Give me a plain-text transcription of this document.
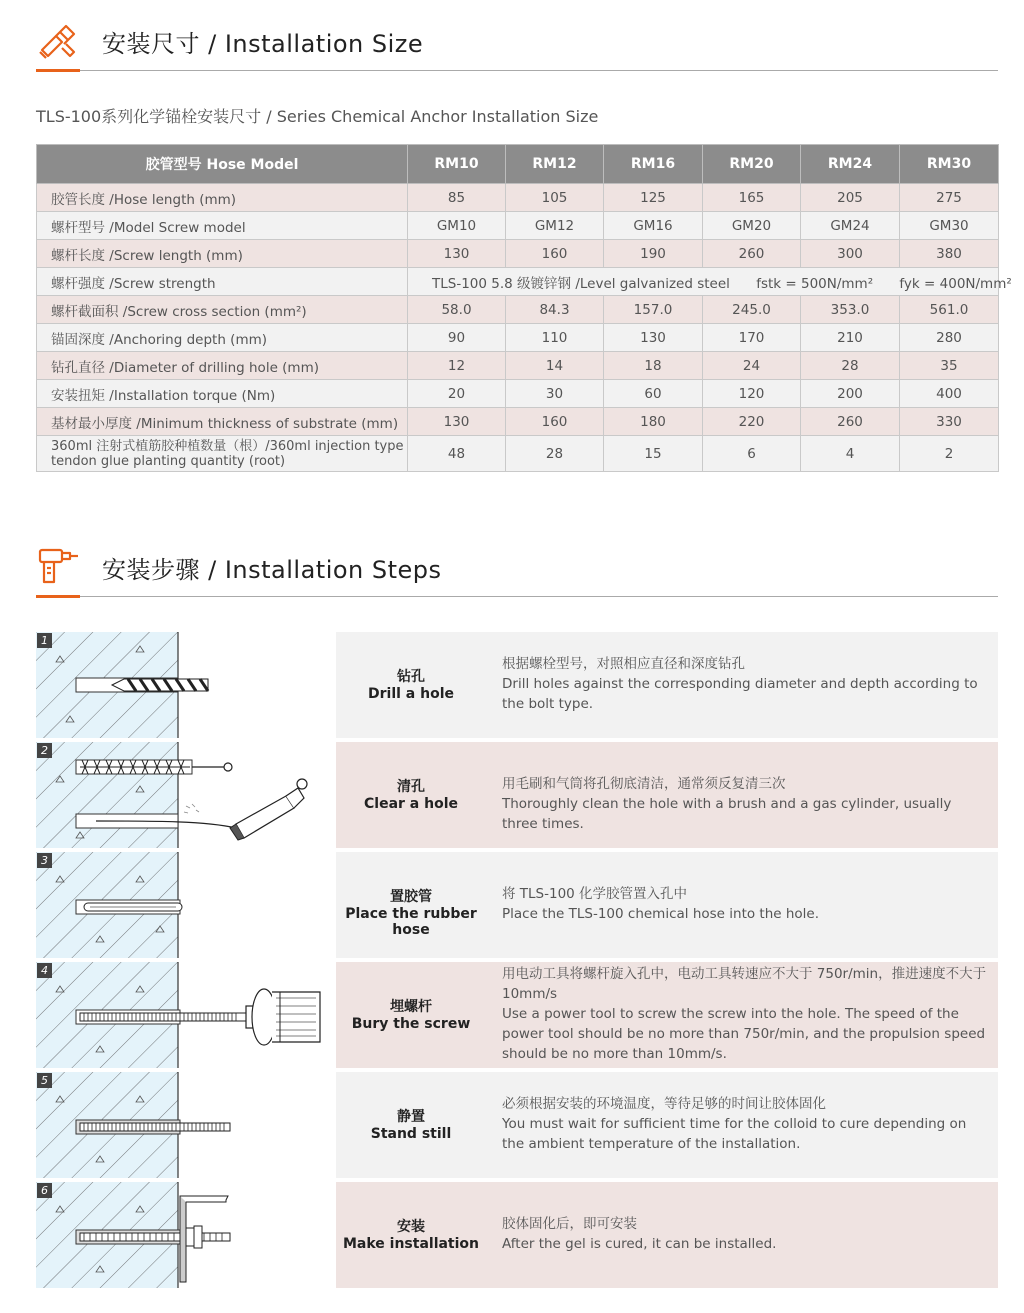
安装尺寸 / Installation Size
TLS-100系列化学锚栓安装尺寸 / Series Chemical Anchor Installation Size
胶管型号 Hose Model	RM10	RM12	RM16	RM20	RM24	RM30
胶管长度 /Hose length (mm)	85	105	125	165	205	275
螺杆型号 /Model Screw model	GM10	GM12	GM16	GM20	GM24	GM30
螺杆长度 /Screw length (mm)	130	160	190	260	300	380
螺杆强度 /Screw strength	TLS-100 5.8 级镀锌钢 /Level galvanized steel fstk = 500N/mm² fyk = 400N/mm²					
螺杆截面积 /Screw cross section (mm²)	58.0	84.3	157.0	245.0	353.0	561.0
锚固深度 /Anchoring depth (mm)	90	110	130	170	210	280
钻孔直径 /Diameter of drilling hole (mm)	12	14	18	24	28	35
安装扭矩 /Installation torque (Nm)	20	30	60	120	200	400
基材最小厚度 /Minimum thickness of substrate (mm)	130	160	180	220	260	330
360ml 注射式植筋胶种植数量（根）/360ml injection type tendon glue planting quantity (root)	48	28	15	6	4	2
安装步骤 / Installation Steps
1
钻孔
Drill a hole
根据螺栓型号，对照相应直径和深度钻孔
Drill holes against the corresponding diameter and depth according to the bolt type.
2
清孔
Clear a hole
用毛刷和气筒将孔彻底清洁，通常须反复清三次
Thoroughly clean the hole with a brush and a gas cylinder, usually three times.
3
置胶管
Place the rubber hose
将 TLS-100 化学胶管置入孔中
Place the TLS-100 chemical hose into the hole.
4
埋螺杆
Bury the screw
用电动工具将螺杆旋入孔中，电动工具转速应不大于 750r/min，推进速度不大于 10mm/s
Use a power tool to screw the screw into the hole. The speed of the power tool should be no more than 750r/min, and the propulsion speed should be no more than 10mm/s.
5
静置
Stand still
必须根据安装的环境温度，等待足够的时间让胶体固化
You must wait for sufficient time for the colloid to cure depending on the ambient temperature of the installation.
6
安装
Make installation
胶体固化后，即可安装
After the gel is cured, it can be installed.
